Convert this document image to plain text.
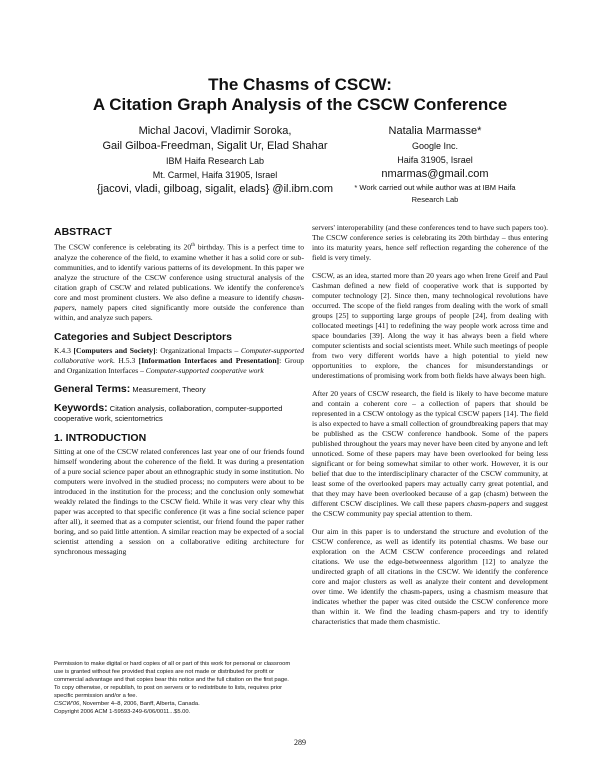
The Chasms of CSCW:
A Citation Graph Analysis of the CSCW Conference
Michal Jacovi, Vladimir Soroka,
Gail Gilboa-Freedman, Sigalit Ur, Elad Shahar
IBM Haifa Research Lab
Mt. Carmel, Haifa 31905, Israel
{jacovi, vladi, gilboag, sigalit, elads} @il.ibm.com
Natalia Marmasse*
Google Inc.
Haifa 31905, Israel
nmarmas@gmail.com
* Work carried out while author was at IBM Haifa
Research Lab
ABSTRACT
The CSCW conference is celebrating its 20th birthday. This is a perfect time to analyze the coherence of the field, to examine whether it has a solid core or sub-communities, and to identify various patterns of its development. In this paper we analyze the structure of the CSCW conference using structural analysis of the citation graph of CSCW and related publications. We identify the conference's core and most prominent clusters. We also define a measure to identify chasm-papers, namely papers cited significantly more outside the conference than within, and analyze such papers.
Categories and Subject Descriptors
K.4.3 [Computers and Society]: Organizational Impacts – Computer-supported collaborative work. H.5.3 [Information Interfaces and Presentation]: Group and Organization Interfaces – Computer-supported cooperative work
General Terms: Measurement, Theory
Keywords: Citation analysis, collaboration, computer-supported cooperative work, scientometrics
1. INTRODUCTION
Sitting at one of the CSCW related conferences last year one of our friends found himself wondering about the coherence of the field. It was during a presentation of a pure social science paper about an ethnographic study in some institution. No computers were involved in the studied process; no computers were about to be introduced in the institution for the process; and the conclusion only somewhat weakly related the findings to the CSCW field. While it was very clear why this paper was accepted to that specific conference (it was a fine social science paper after all), it seemed that as a computer scientist, our friend found the paper rather boring, and so paid little attention. A similar reaction may be expected of a social scientist attending a session on a collaborative editing architecture for synchronous messaging
Permission to make digital or hard copies of all or part of this work for personal or classroom use is granted without fee provided that copies are not made or distributed for profit or commercial advantage and that copies bear this notice and the full citation on the first page. To copy otherwise, or republish, to post on servers or to redistribute to lists, requires prior specific permission and/or a fee.
CSCW'06, November 4–8, 2006, Banff, Alberta, Canada.
Copyright 2006 ACM 1-59593-249-6/06/0011...$5.00.
servers' interoperability (and these conferences tend to have such papers too). The CSCW conference series is celebrating its 20th birthday – thus entering into its maturity years, hence self reflection regarding the coherence of the field is very timely.
CSCW, as an idea, started more than 20 years ago when Irene Greif and Paul Cashman defined a new field of cooperative work that is supported by computer technology [2]. Since then, many technological revolutions have occurred. The scope of the field ranges from dealing with the work of small groups [25] to supporting large groups of people [24], from dealing with collocated meetings [41] to redefining the way people work across time and space boundaries [39]. Along the way it has always been a field where computer scientists and social scientists meet. While such meetings of people from two very different worlds have a high potential to yield new opportunities to explore, the chances for misunderstandings or underestimations of promising work from both fields have always been high.
After 20 years of CSCW research, the field is likely to have become mature and contain a coherent core – a collection of papers that should be represented in a CSCW ontology as the typical CSCW papers [14]. The field is also expected to have a small collection of groundbreaking papers that may be published as the CSCW conference handbook. Some of the papers published throughout the years may never have been cited by anyone and left unnoticed. Some of these papers may have been overlooked for being less significant or for being somewhat similar to other work. However, it is our belief that due to the interdisciplinary character of the CSCW community, at least some of the overlooked papers may actually carry great potential, and that they may have been overlooked because of a gap (chasm) between the different CSCW disciplines. We call these papers chasm-papers and suggest the CSCW community pay special attention to them.
Our aim in this paper is to understand the structure and evolution of the CSCW conference, as well as identify its potential chasms. We base our exploration on the ACM CSCW conference proceedings and related citations. We use the edge-betweenness algorithm [12] to analyze the undirected graph of all citations in the CSCW. We identify the conference core and major clusters as well as analyze their content and development over time. We identify the chasm-papers, using a chasmism measure that indicates whether the paper was cited outside the CSCW conference more than within it. We find the leading chasm-papers and try to identify characteristics that made them chasmistic.
289
